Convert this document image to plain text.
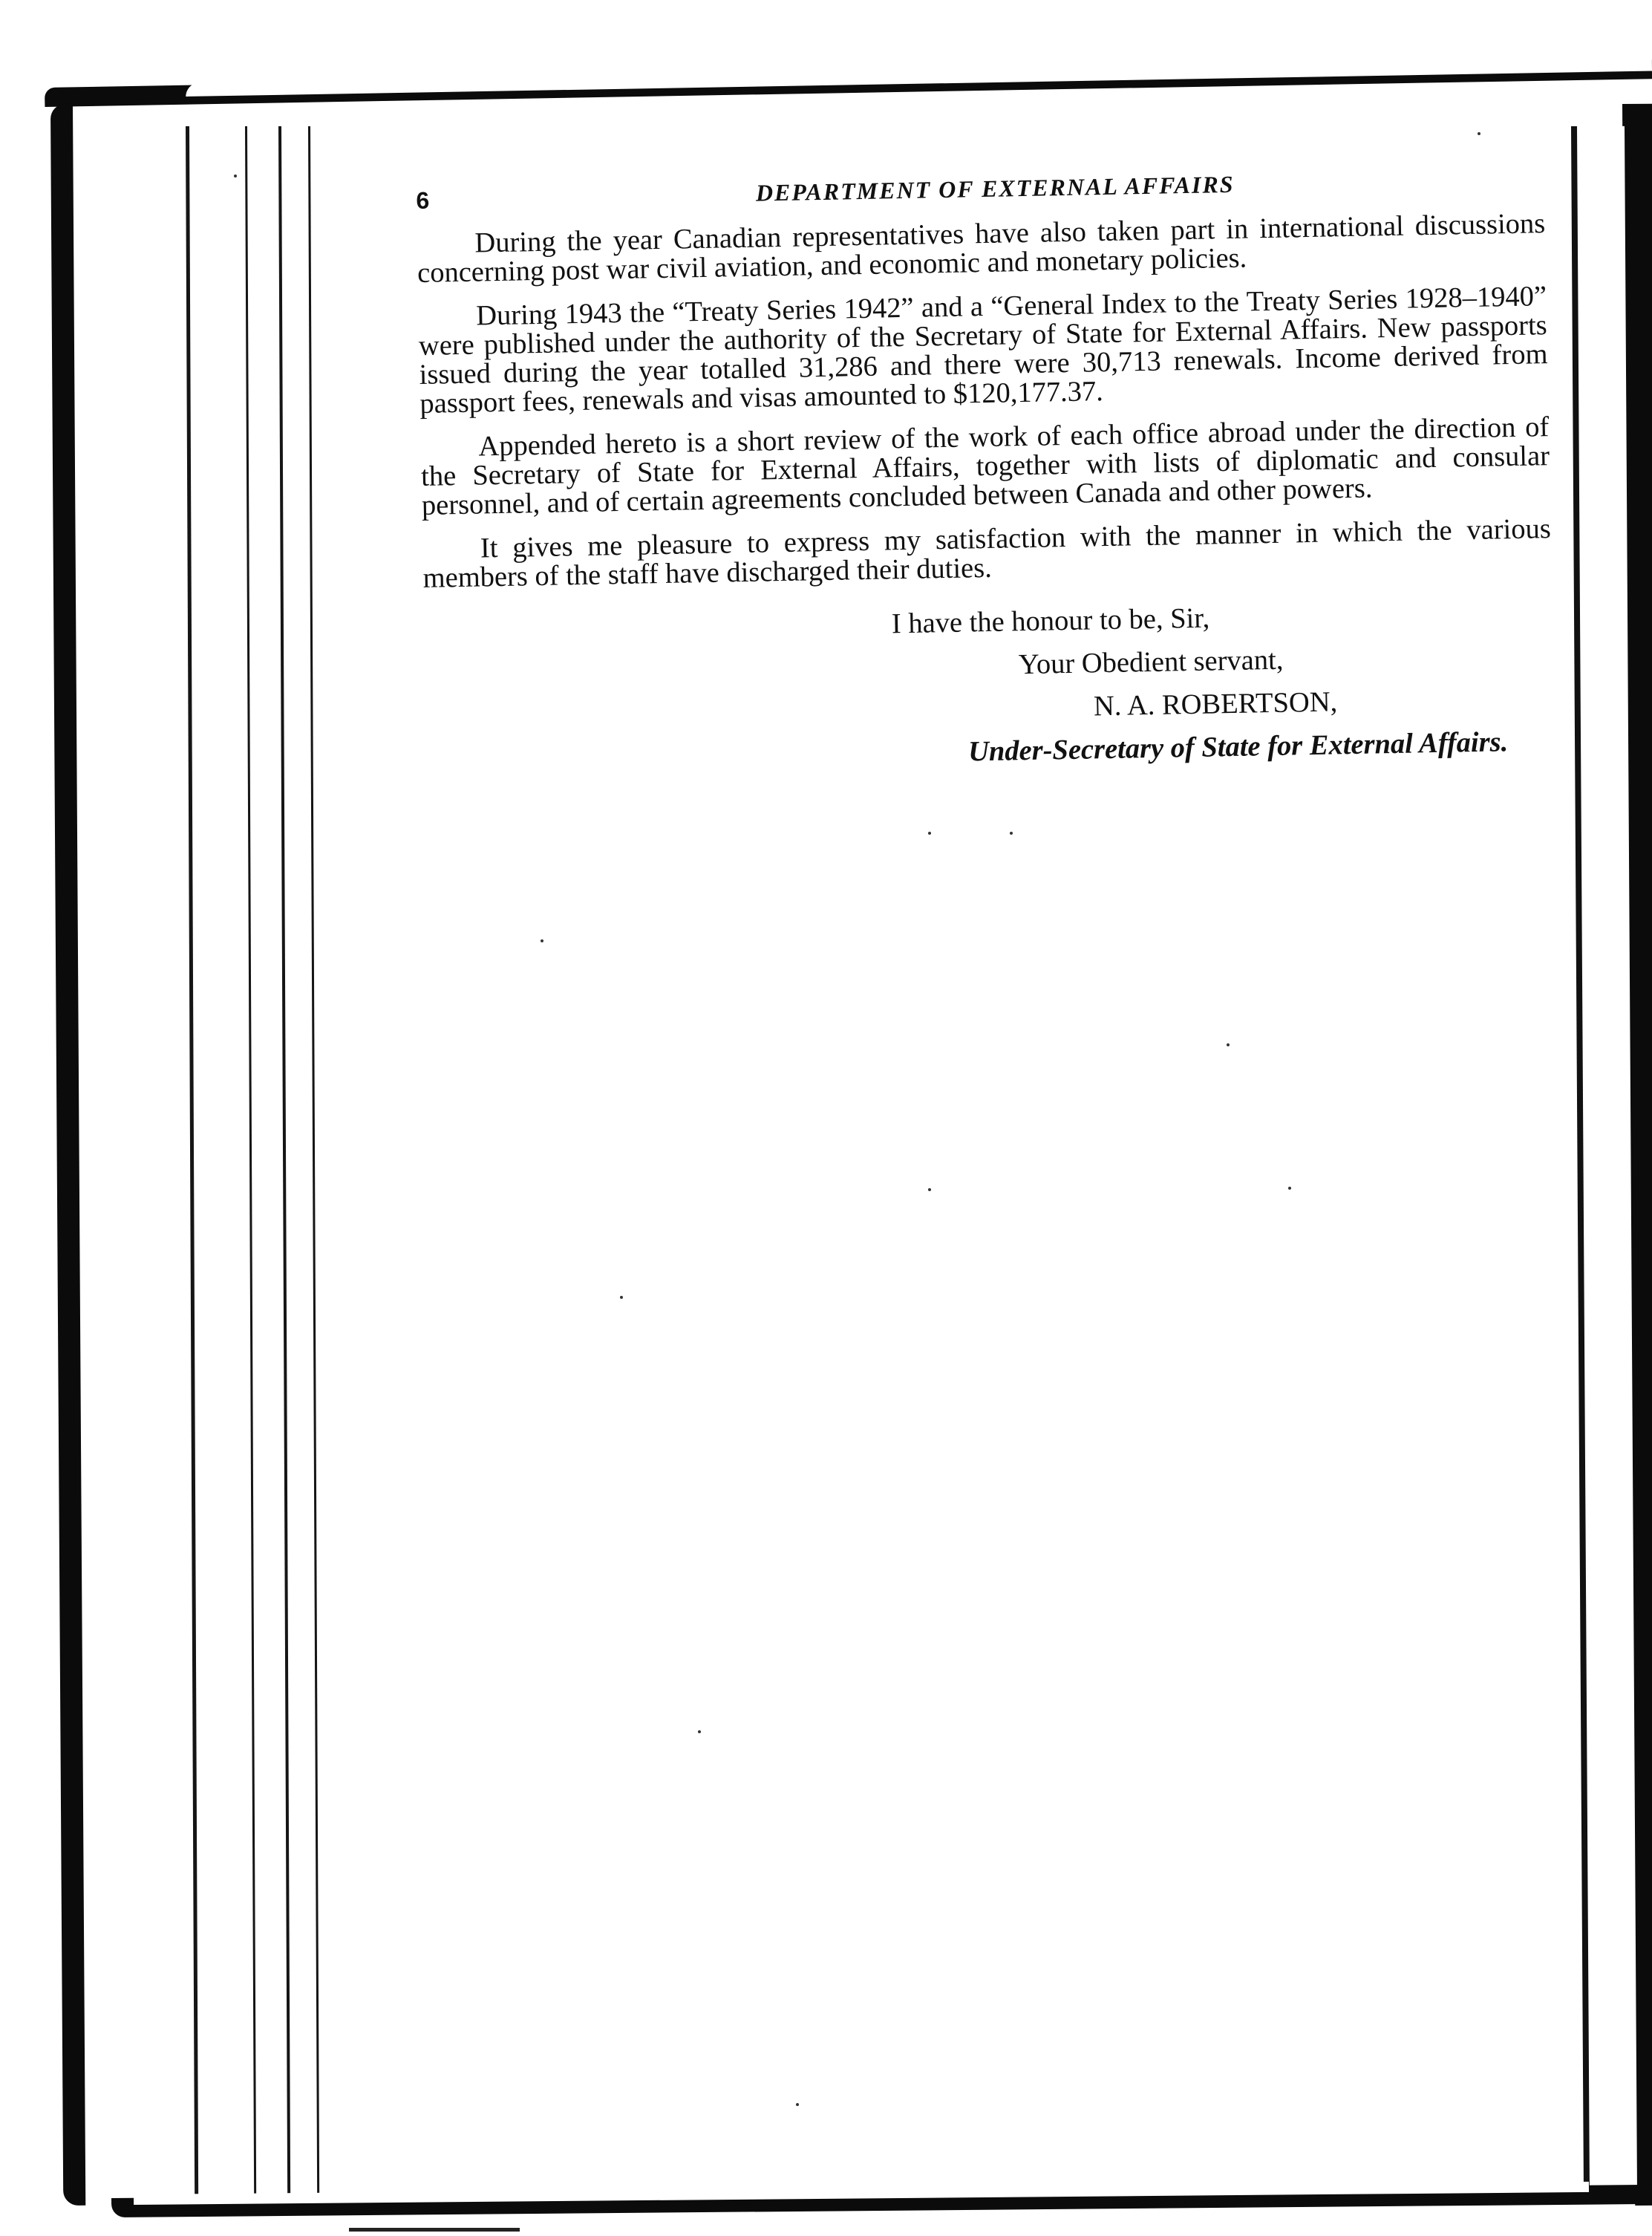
6	DEPARTMENT OF EXTERNAL AFFAIRS

During the year Canadian representatives have also taken part in international discussions concerning post war civil aviation, and economic and monetary policies.

During 1943 the “Treaty Series 1942” and a “General Index to the Treaty Series 1928–1940” were published under the authority of the Secretary of State for External Affairs. New passports issued during the year totalled 31,286 and there were 30,713 renewals. Income derived from passport fees, renewals and visas amounted to $120,177.37.

Appended hereto is a short review of the work of each office abroad under the direction of the Secretary of State for External Affairs, together with lists of diplomatic and consular personnel, and of certain agreements concluded between Canada and other powers.

It gives me pleasure to express my satisfaction with the manner in which the various members of the staff have discharged their duties.

I have the honour to be, Sir,
Your Obedient servant,
N. A. ROBERTSON,
Under-Secretary of State for External Affairs.
